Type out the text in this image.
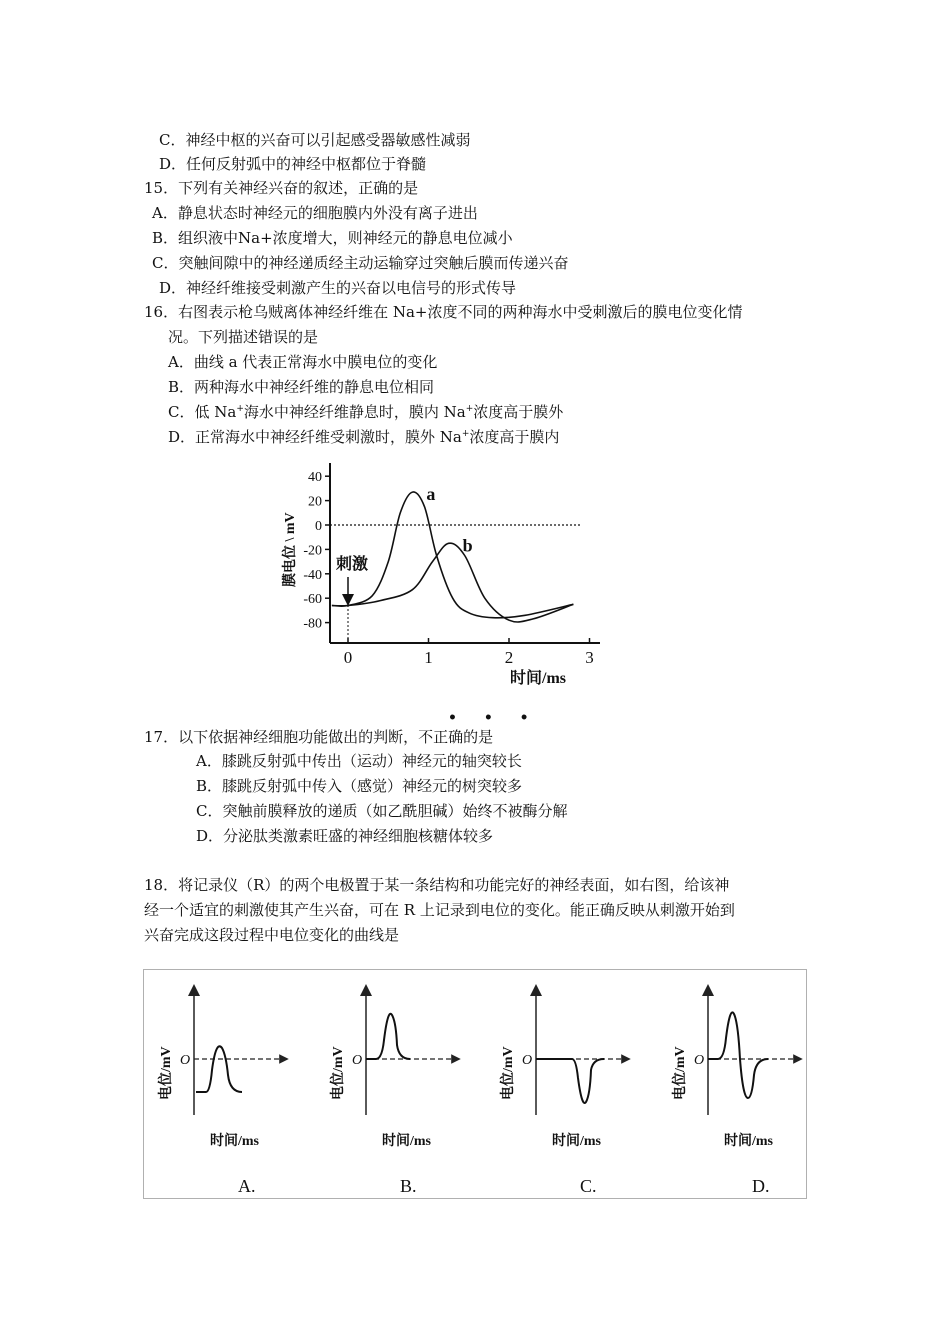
C．神经中枢的兴奋可以引起感受器敏感性减弱
D．任何反射弧中的神经中枢都位于脊髓
15．下列有关神经兴奋的叙述，正确的是
A．静息状态时神经元的细胞膜内外没有离子进出
B．组织液中Na+浓度增大，则神经元的静息电位减小
C．突触间隙中的神经递质经主动运输穿过突触后膜而传递兴奋
D．神经纤维接受刺激产生的兴奋以电信号的形式传导
16．右图表示枪乌贼离体神经纤维在 Na+浓度不同的两种海水中受刺激后的膜电位变化情
况。下列描述错误的是
A．曲线 a 代表正常海水中膜电位的变化
B．两种海水中神经纤维的静息电位相同
C．低 Na+海水中神经纤维静息时，膜内 Na+浓度高于膜外
D．正常海水中神经纤维受刺激时，膜外 Na+浓度高于膜内
40
20
0
-20
-40
-60
-80
0	1	2	3
a
b
刺激
时间/ms
膜电位 \ mV
• • •
17．以下依据神经细胞功能做出的判断，不正确的是
A．膝跳反射弧中传出（运动）神经元的轴突较长
B．膝跳反射弧中传入（感觉）神经元的树突较多
C．突触前膜释放的递质（如乙酰胆碱）始终不被酶分解
D．分泌肽类激素旺盛的神经细胞核糖体较多
18．将记录仪（R）的两个电极置于某一条结构和功能完好的神经表面，如右图，给该神
经一个适宜的刺激使其产生兴奋，可在 R 上记录到电位的变化。能正确反映从刺激开始到
兴奋完成这段过程中电位变化的曲线是
电位/mV O
时间/ms
A.
电位/mV O
时间/ms
B.
电位/mV O
时间/ms
C.
电位/mV O
时间/ms
D.
